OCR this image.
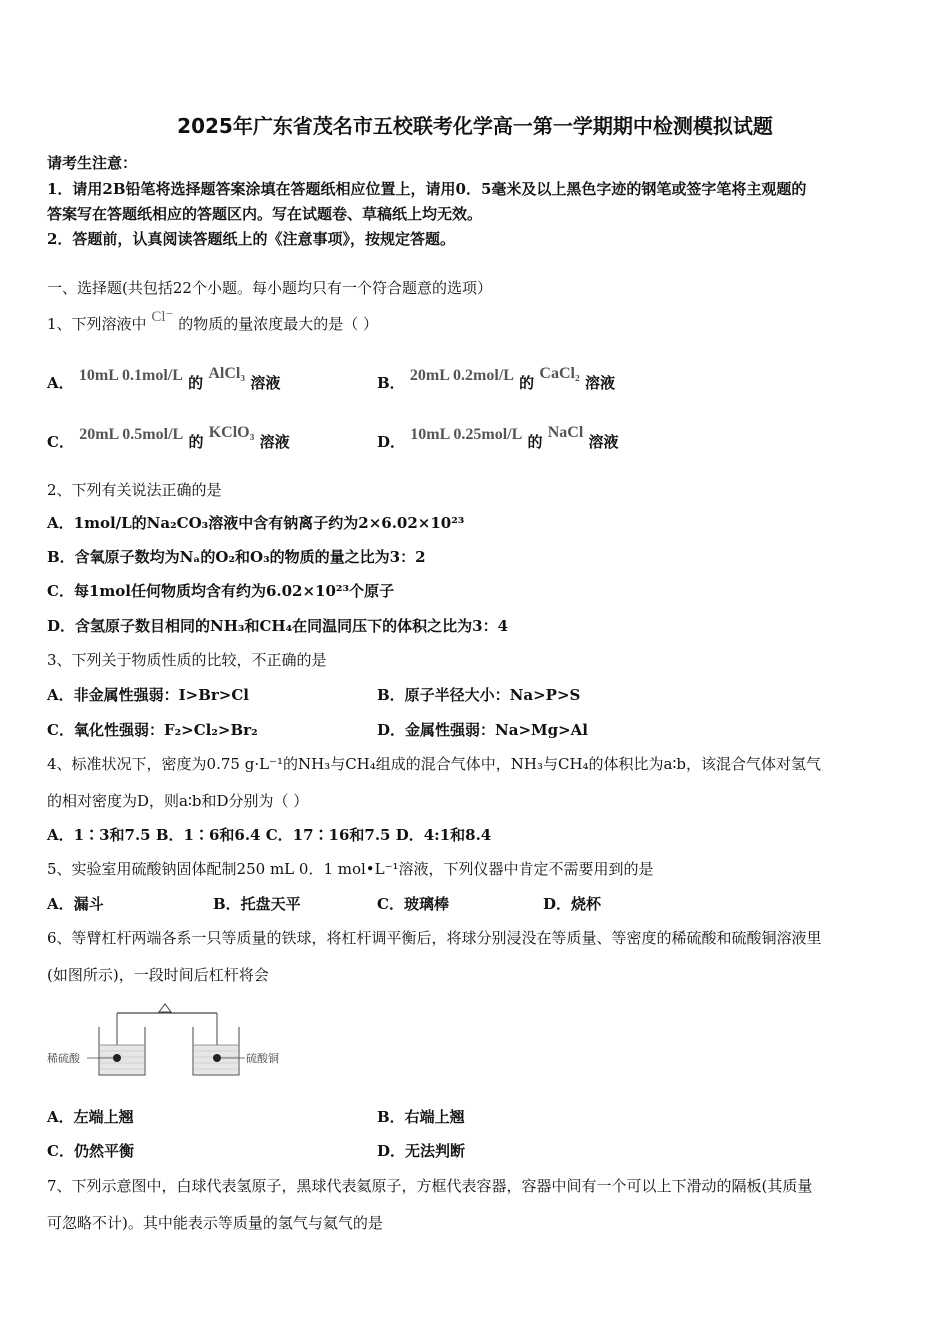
2025年广东省茂名市五校联考化学高一第一学期期中检测模拟试题
请考生注意：
1．请用2B铅笔将选择题答案涂填在答题纸相应位置上，请用0．5毫米及以上黑色字迹的钢笔或签字笔将主观题的
答案写在答题纸相应的答题区内。写在试题卷、草稿纸上均无效。
2．答题前，认真阅读答题纸上的《注意事项》，按规定答题。
一、选择题(共包括22个小题。每小题均只有一个符合题意的选项）
1、下列溶液中 Cl⁻ 的物质的量浓度最大的是（ ）
A． 10mL 0.1mol/L 的 AlCl₃ 溶液	B． 20mL 0.2mol/L 的 CaCl₂ 溶液
C． 20mL 0.5mol/L 的 KClO₃ 溶液	D． 10mL 0.25mol/L 的 NaCl 溶液
2、下列有关说法正确的是
A．1mol/L的Na₂CO₃溶液中含有钠离子约为2×6.02×10²³
B．含氧原子数均为Nₐ的O₂和O₃的物质的量之比为3：2
C．每1mol任何物质均含有约为6.02×10²³个原子
D．含氢原子数目相同的NH₃和CH₄在同温同压下的体积之比为3：4
3、下列关于物质性质的比较，不正确的是
A．非金属性强弱：I>Br>Cl	B．原子半径大小：Na>P>S
C．氧化性强弱：F₂>Cl₂>Br₂	D．金属性强弱：Na>Mg>Al
4、标准状况下，密度为0.75 g·L⁻¹的NH₃与CH₄组成的混合气体中，NH₃与CH₄的体积比为a∶b，该混合气体对氢气
的相对密度为D，则a∶b和D分别为（ ）
A．1∶3和7.5 B．1∶6和6.4 C．17∶16和7.5 D．4:1和8.4
5、实验室用硫酸钠固体配制250 mL 0．1 mol•L⁻¹溶液，下列仪器中肯定不需要用到的是
A．漏斗	B．托盘天平	C．玻璃棒	D．烧杯
6、等臂杠杆两端各系一只等质量的铁球，将杠杆调平衡后，将球分别浸没在等质量、等密度的稀硫酸和硫酸铜溶液里
(如图所示)，一段时间后杠杆将会
稀硫酸	硫酸铜
A．左端上翘	B．右端上翘
C．仍然平衡	D．无法判断
7、下列示意图中，白球代表氢原子，黑球代表氦原子，方框代表容器，容器中间有一个可以上下滑动的隔板(其质量
可忽略不计)。其中能表示等质量的氢气与氦气的是
